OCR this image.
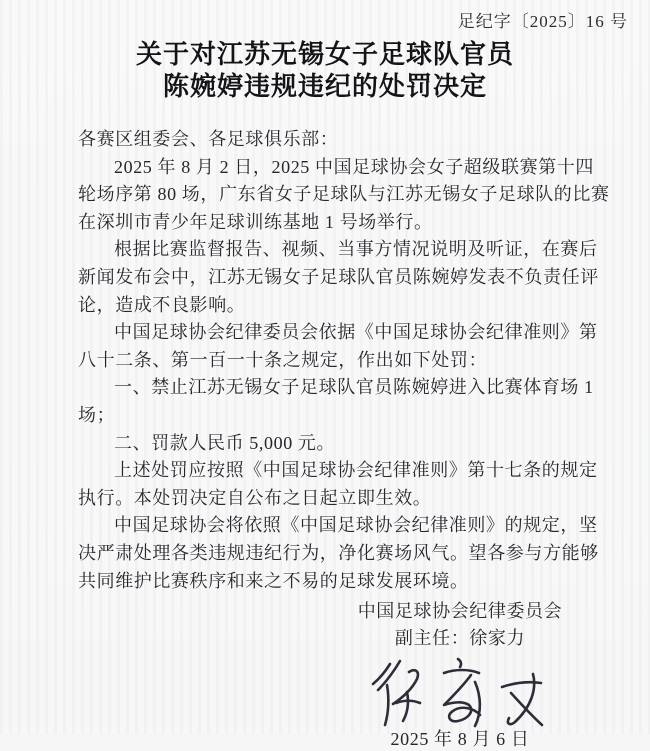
足纪字〔2025〕16 号
关于对江苏无锡女子足球队官员
陈婉婷违规违纪的处罚决定

各赛区组委会、各足球俱乐部：

2025 年 8 月 2 日，2025 中国足球协会女子超级联赛第十四轮场序第 80 场，广东省女子足球队与江苏无锡女子足球队的比赛在深圳市青少年足球训练基地 1 号场举行。

根据比赛监督报告、视频、当事方情况说明及听证，在赛后新闻发布会中，江苏无锡女子足球队官员陈婉婷发表不负责任评论，造成不良影响。

中国足球协会纪律委员会依据《中国足球协会纪律准则》第八十二条、第一百一十条之规定，作出如下处罚：

一、禁止江苏无锡女子足球队官员陈婉婷进入比赛体育场 1 场；

二、罚款人民币 5,000 元。

上述处罚应按照《中国足球协会纪律准则》第十七条的规定执行。本处罚决定自公布之日起立即生效。

中国足球协会将依照《中国足球协会纪律准则》的规定，坚决严肃处理各类违规违纪行为，净化赛场风气。望各参与方能够共同维护比赛秩序和来之不易的足球发展环境。

中国足球协会纪律委员会
副主任：徐家力
2025 年 8 月 6 日
